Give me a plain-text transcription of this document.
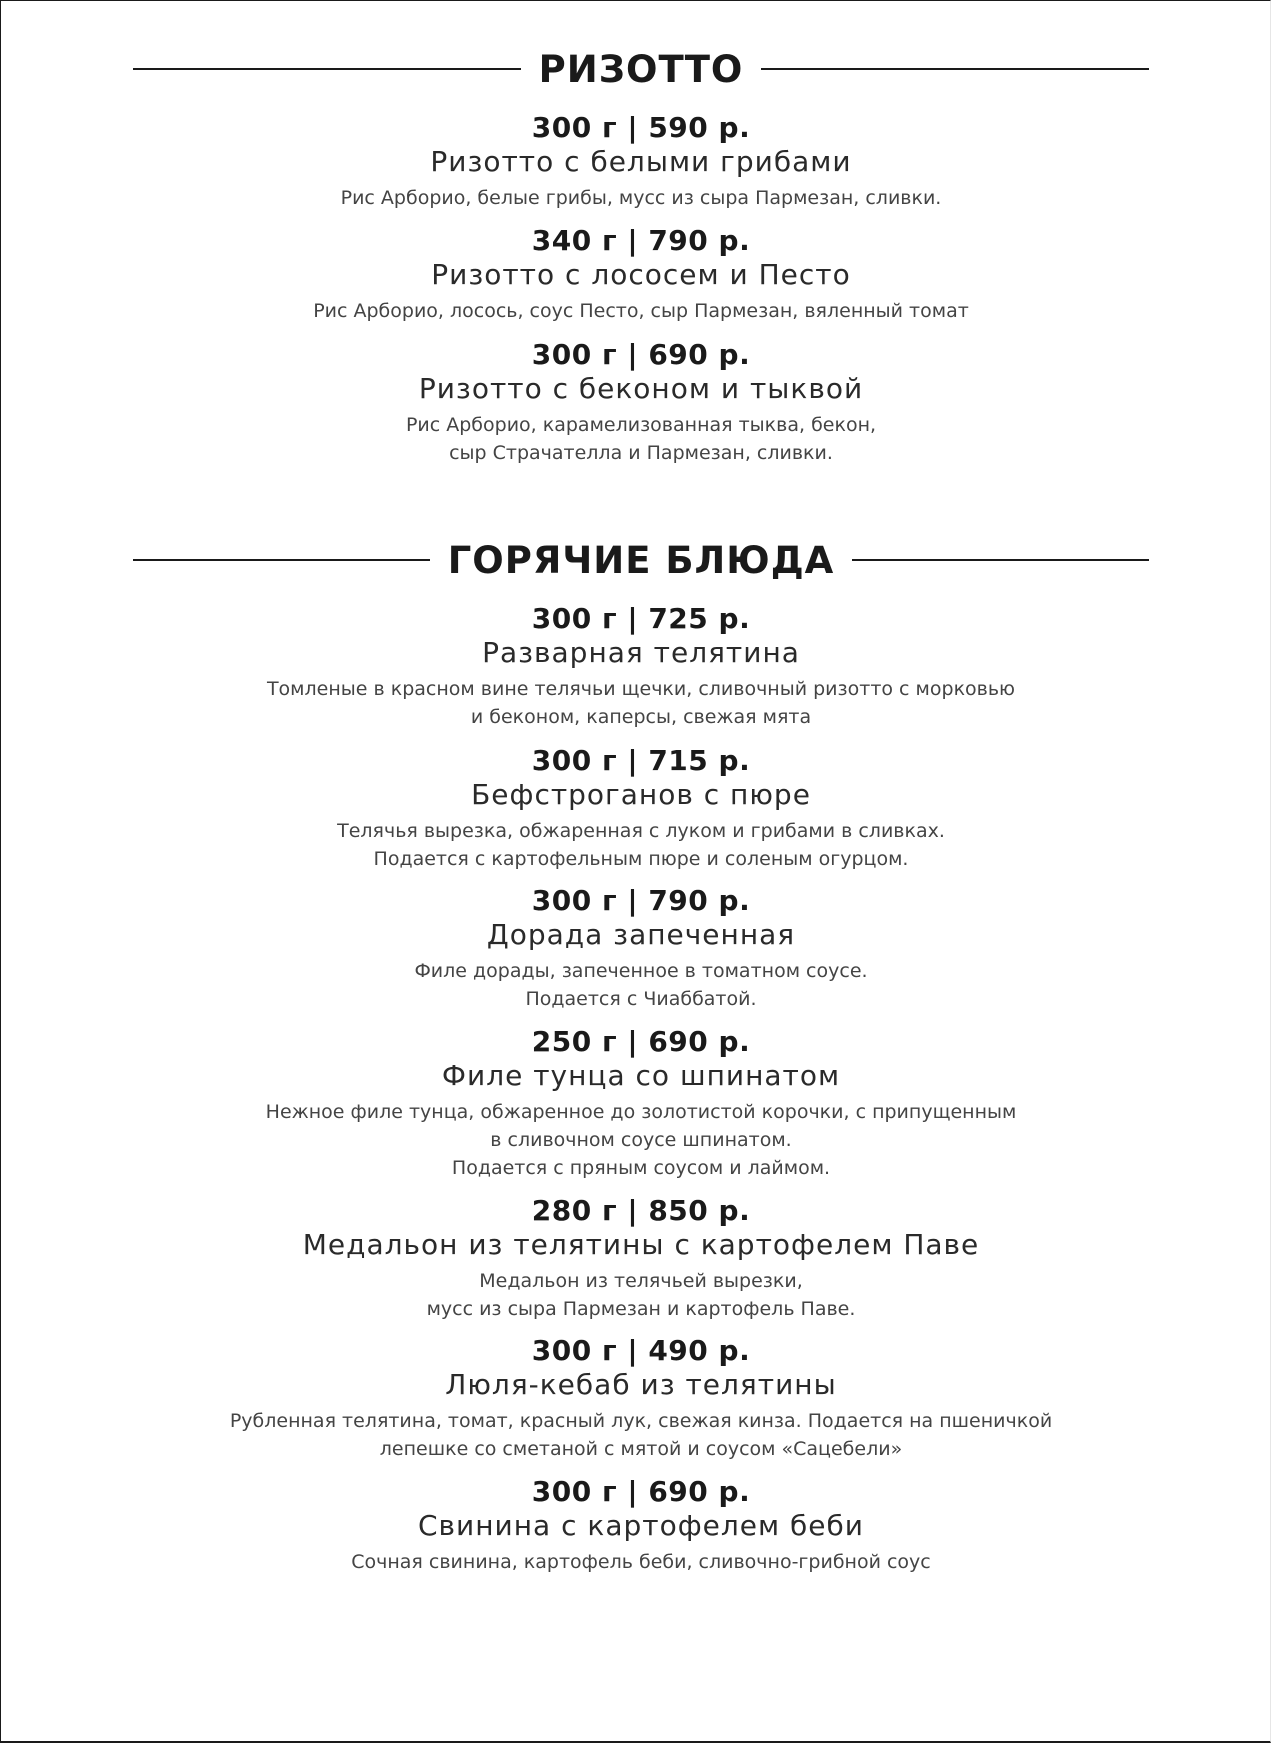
РИЗОТТО
300 г | 590 р.
Ризотто с белыми грибами
Рис Арборио, белые грибы, мусс из сыра Пармезан, сливки.
340 г | 790 р.
Ризотто с лососем и Песто
Рис Арборио, лосось, соус Песто, сыр Пармезан, вяленный томат
300 г | 690 р.
Ризотто с беконом и тыквой
Рис Арборио, карамелизованная тыква, бекон,
сыр Страчателла и Пармезан, сливки.
ГОРЯЧИЕ БЛЮДА
300 г | 725 р.
Разварная телятина
Томленые в красном вине телячьи щечки, сливочный ризотто с морковью
и беконом, каперсы, свежая мята
300 г | 715 р.
Бефстроганов с пюре
Телячья вырезка, обжаренная с луком и грибами в сливках.
Подается с картофельным пюре и соленым огурцом.
300 г | 790 р.
Дорада запеченная
Филе дорады, запеченное в томатном соусе.
Подается с Чиаббатой.
250 г | 690 р.
Филе тунца со шпинатом
Нежное филе тунца, обжаренное до золотистой корочки, с припущенным
в сливочном соусе шпинатом.
Подается с пряным соусом и лаймом.
280 г | 850 р.
Медальон из телятины с картофелем Паве
Медальон из телячьей вырезки,
мусс из сыра Пармезан и картофель Паве.
300 г | 490 р.
Люля-кебаб из телятины
Рубленная телятина, томат, красный лук, свежая кинза. Подается на пшеничкой
лепешке со сметаной с мятой и соусом «Сацебели»
300 г | 690 р.
Свинина с картофелем беби
Сочная свинина, картофель беби, сливочно-грибной соус
